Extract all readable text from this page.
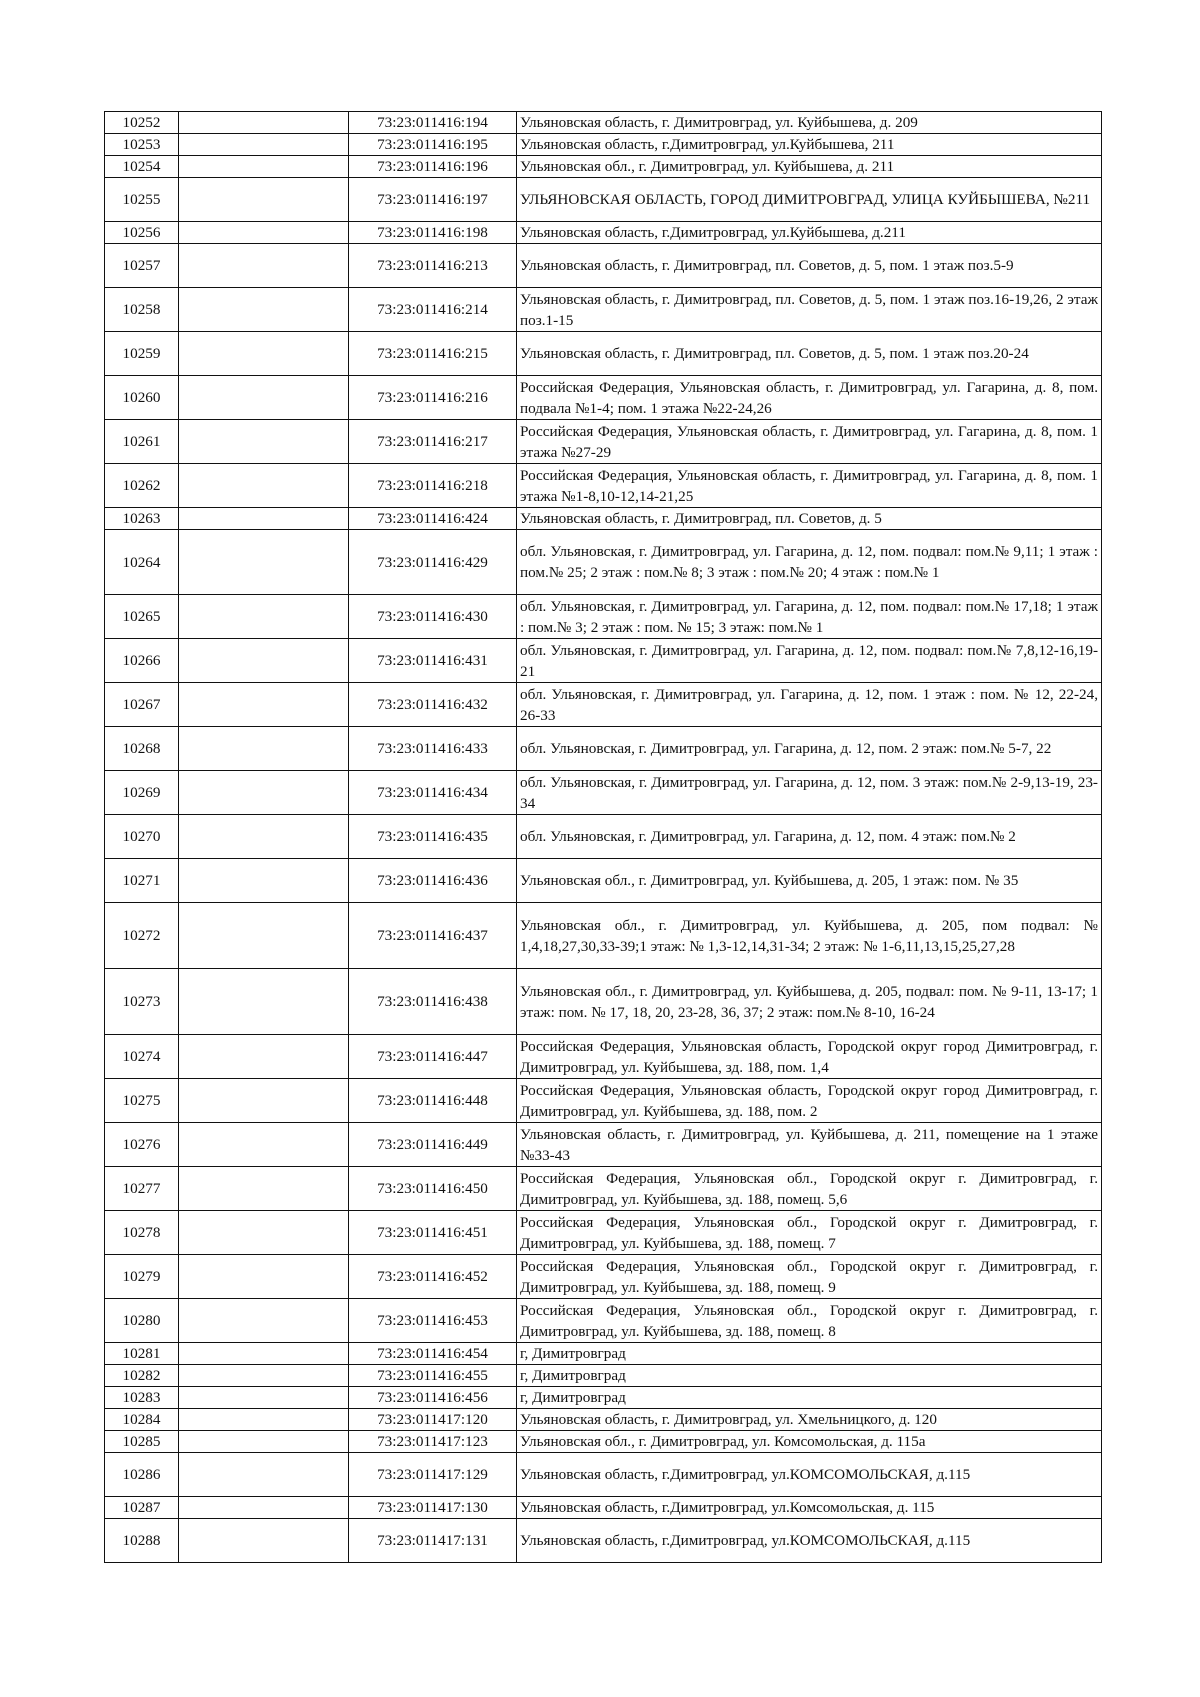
10252		73:23:011416:194	Ульяновская область, г. Димитровград, ул. Куйбышева, д. 209

10253		73:23:011416:195	Ульяновская область, г.Димитровград, ул.Куйбышева, 211

10254		73:23:011416:196	Ульяновская обл., г. Димитровград, ул. Куйбышева, д. 211

10255		73:23:011416:197	УЛЬЯНОВСКАЯ ОБЛАСТЬ, ГОРОД ДИМИТРОВГРАД, УЛИЦА КУЙБЫШЕВА, №211

10256		73:23:011416:198	Ульяновская область, г.Димитровград, ул.Куйбышева, д.211

10257		73:23:011416:213	Ульяновская область, г. Димитровград, пл. Советов, д. 5, пом. 1 этаж поз.5-9

10258		73:23:011416:214	Ульяновская область, г. Димитровград, пл. Советов, д. 5, пом. 1 этаж поз.16-19,26, 2 этаж поз.1-15

10259		73:23:011416:215	Ульяновская область, г. Димитровград, пл. Советов, д. 5, пом. 1 этаж поз.20-24

10260		73:23:011416:216	Российская Федерация, Ульяновская область, г. Димитровград, ул. Гагарина, д. 8, пом. подвала №1-4; пом. 1 этажа №22-24,26

10261		73:23:011416:217	Российская Федерация, Ульяновская область, г. Димитровград, ул. Гагарина, д. 8, пом. 1 этажа №27-29

10262		73:23:011416:218	Российская Федерация, Ульяновская область, г. Димитровград, ул. Гагарина, д. 8, пом. 1 этажа №1-8,10-12,14-21,25

10263		73:23:011416:424	Ульяновская область, г. Димитровград, пл. Советов, д. 5

10264		73:23:011416:429	обл. Ульяновская, г. Димитровград, ул. Гагарина, д. 12, пом. подвал: пом.№ 9,11; 1 этаж : пом.№ 25; 2 этаж : пом.№ 8; 3 этаж : пом.№ 20; 4 этаж : пом.№ 1

10265		73:23:011416:430	обл. Ульяновская, г. Димитровград, ул. Гагарина, д. 12, пом. подвал: пом.№ 17,18; 1 этаж : пом.№ 3; 2 этаж : пом. № 15; 3 этаж: пом.№ 1

10266		73:23:011416:431	обл. Ульяновская, г. Димитровград, ул. Гагарина, д. 12, пом. подвал: пом.№ 7,8,12-16,19-21

10267		73:23:011416:432	обл. Ульяновская, г. Димитровград, ул. Гагарина, д. 12, пом. 1 этаж : пом. № 12, 22-24, 26-33

10268		73:23:011416:433	обл. Ульяновская, г. Димитровград, ул. Гагарина, д. 12, пом. 2 этаж: пом.№ 5-7, 22

10269		73:23:011416:434	обл. Ульяновская, г. Димитровград, ул. Гагарина, д. 12, пом. 3 этаж: пом.№ 2-9,13-19, 23-34

10270		73:23:011416:435	обл. Ульяновская, г. Димитровград, ул. Гагарина, д. 12, пом. 4 этаж: пом.№ 2

10271		73:23:011416:436	Ульяновская обл., г. Димитровград, ул. Куйбышева, д. 205, 1 этаж: пом. № 35

10272		73:23:011416:437	Ульяновская обл., г. Димитровград, ул. Куйбышева, д. 205, пом подвал: № 1,4,18,27,30,33-39;1 этаж: № 1,3-12,14,31-34; 2 этаж: № 1-6,11,13,15,25,27,28

10273		73:23:011416:438	Ульяновская обл., г. Димитровград, ул. Куйбышева, д. 205, подвал: пом. № 9-11, 13-17; 1 этаж: пом. № 17, 18, 20, 23-28, 36, 37; 2 этаж: пом.№ 8-10, 16-24

10274		73:23:011416:447	Российская Федерация, Ульяновская область, Городской округ город Димитровград, г. Димитровград, ул. Куйбышева, зд. 188, пом. 1,4

10275		73:23:011416:448	Российская Федерация, Ульяновская область, Городской округ город Димитровград, г. Димитровград, ул. Куйбышева, зд. 188, пом. 2

10276		73:23:011416:449	Ульяновская область, г. Димитровград, ул. Куйбышева, д. 211, помещение на 1 этаже №33-43

10277		73:23:011416:450	Российская Федерация, Ульяновская обл., Городской округ г. Димитровград, г. Димитровград, ул. Куйбышева, зд. 188, помещ. 5,6

10278		73:23:011416:451	Российская Федерация, Ульяновская обл., Городской округ г. Димитровград, г. Димитровград, ул. Куйбышева, зд. 188, помещ. 7

10279		73:23:011416:452	Российская Федерация, Ульяновская обл., Городской округ г. Димитровград, г. Димитровград, ул. Куйбышева, зд. 188, помещ. 9

10280		73:23:011416:453	Российская Федерация, Ульяновская обл., Городской округ г. Димитровград, г. Димитровград, ул. Куйбышева, зд. 188, помещ. 8

10281		73:23:011416:454	г, Димитровград

10282		73:23:011416:455	г, Димитровград

10283		73:23:011416:456	г, Димитровград

10284		73:23:011417:120	Ульяновская область, г. Димитровград, ул. Хмельницкого, д. 120

10285		73:23:011417:123	Ульяновская обл., г. Димитровград, ул. Комсомольская, д. 115а

10286		73:23:011417:129	Ульяновская область, г.Димитровград, ул.КОМСОМОЛЬСКАЯ, д.115

10287		73:23:011417:130	Ульяновская область, г.Димитровград, ул.Комсомольская, д. 115

10288		73:23:011417:131	Ульяновская область, г.Димитровград, ул.КОМСОМОЛЬСКАЯ, д.115
